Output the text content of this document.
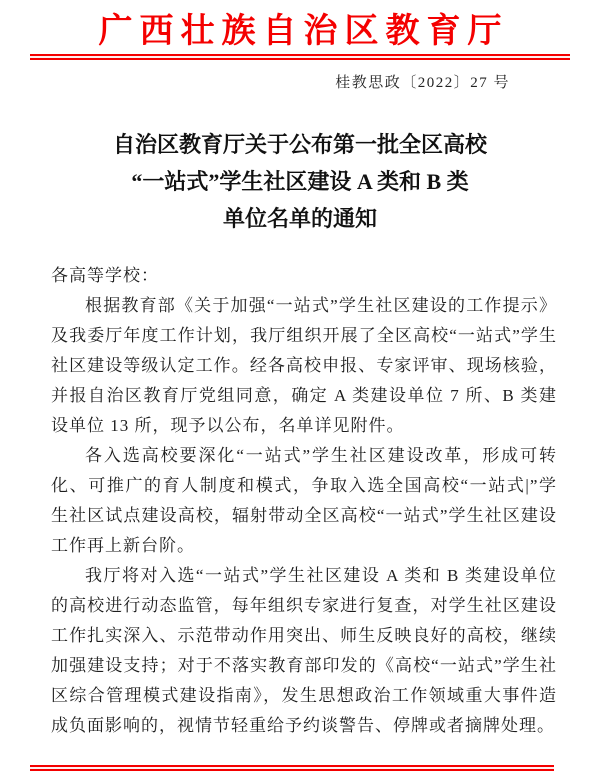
广西壮族自治区教育厅
桂教思政〔2022〕27 号
自治区教育厅关于公布第一批全区高校
“一站式”学生社区建设 A 类和 B 类
单位名单的通知

各高等学校：

根据教育部《关于加强“一站式”学生社区建设的工作提示》及我委厅年度工作计划，我厅组织开展了全区高校“一站式”学生社区建设等级认定工作。经各高校申报、专家评审、现场核验，并报自治区教育厅党组同意，确定 A 类建设单位 7 所、B 类建设单位 13 所，现予以公布，名单详见附件。

各入选高校要深化“一站式”学生社区建设改革，形成可转化、可推广的育人制度和模式，争取入选全国高校“一站式|”学生社区试点建设高校，辐射带动全区高校“一站式”学生社区建设工作再上新台阶。

我厅将对入选“一站式”学生社区建设 A 类和 B 类建设单位的高校进行动态监管，每年组织专家进行复查，对学生社区建设工作扎实深入、示范带动作用突出、师生反映良好的高校，继续加强建设支持；对于不落实教育部印发的《高校“一站式”学生社区综合管理模式建设指南》，发生思想政治工作领域重大事件造成负面影响的，视情节轻重给予约谈警告、停牌或者摘牌处理。
